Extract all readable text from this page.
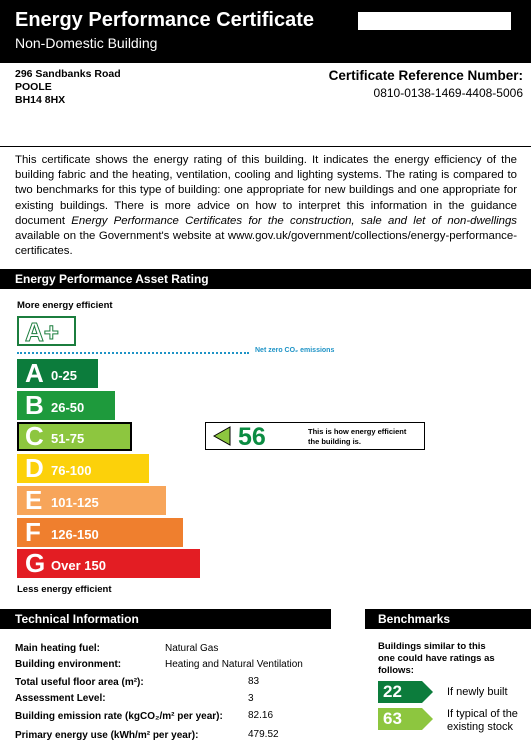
Energy Performance Certificate
Non-Domestic Building
296 Sandbanks Road
POOLE
BH14 8HX
Certificate Reference Number:
0810-0138-1469-4408-5006
This certificate shows the energy rating of this building. It indicates the energy efficiency of the building fabric and the heating, ventilation, cooling and lighting systems. The rating is compared to two benchmarks for this type of building: one appropriate for new buildings and one appropriate for existing buildings. There is more advice on how to interpret this information in the guidance document Energy Performance Certificates for the construction, sale and let of non-dwellings available on the Government's website at www.gov.uk/government/collections/energy-performance-certificates.
Energy Performance Asset Rating
More energy efficient
A+
Net zero CO₂ emissions
A 0-25
B 26-50
C 51-75
D 76-100
E 101-125
F 126-150
G Over 150
Less energy efficient
56	This is how energy efficient
the building is.
Technical Information
Main heating fuel:	Natural Gas
Building environment:	Heating and Natural Ventilation
Total useful floor area (m²):	83
Assessment Level:	3
Building emission rate (kgCO₂/m² per year):	82.16
Primary energy use (kWh/m² per year):	479.52
Benchmarks
Buildings similar to this
one could have ratings as
follows:
22	If newly built
63	If typical of the
existing stock
